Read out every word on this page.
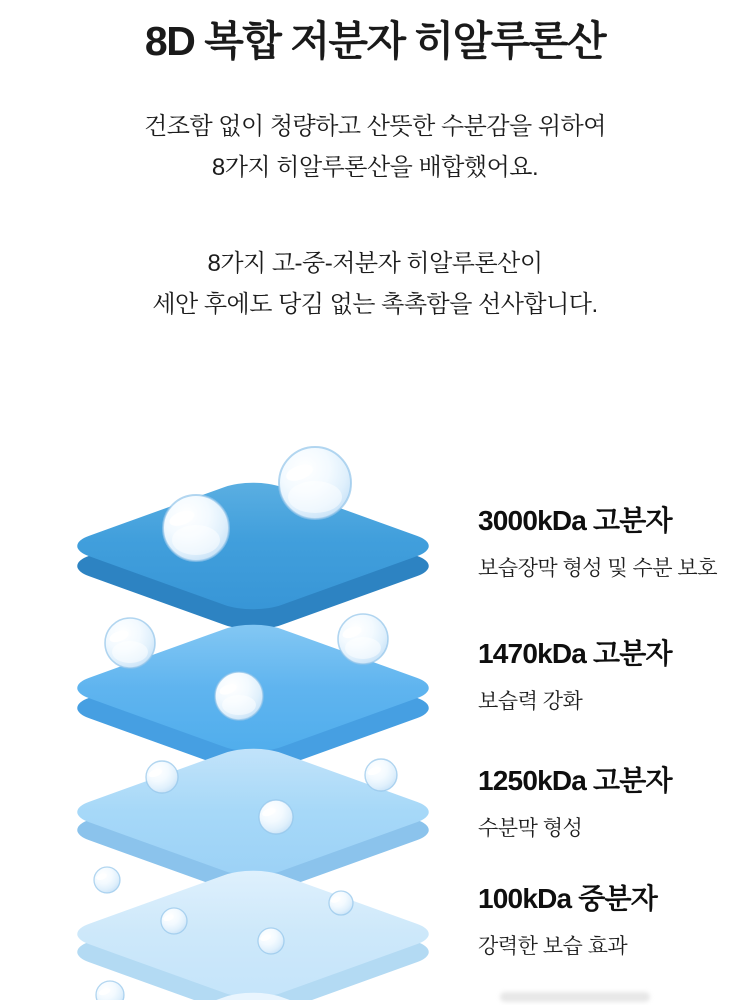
8D 복합 저분자 히알루론산
건조함 없이 청량하고 산뜻한 수분감을 위하여
8가지 히알루론산을 배합했어요.
8가지 고-중-저분자 히알루론산이
세안 후에도 당김 없는 촉촉함을 선사합니다.
3000kDa 고분자
보습장막 형성 및 수분 보호
1470kDa 고분자
보습력 강화
1250kDa 고분자
수분막 형성
100kDa 중분자
강력한 보습 효과
